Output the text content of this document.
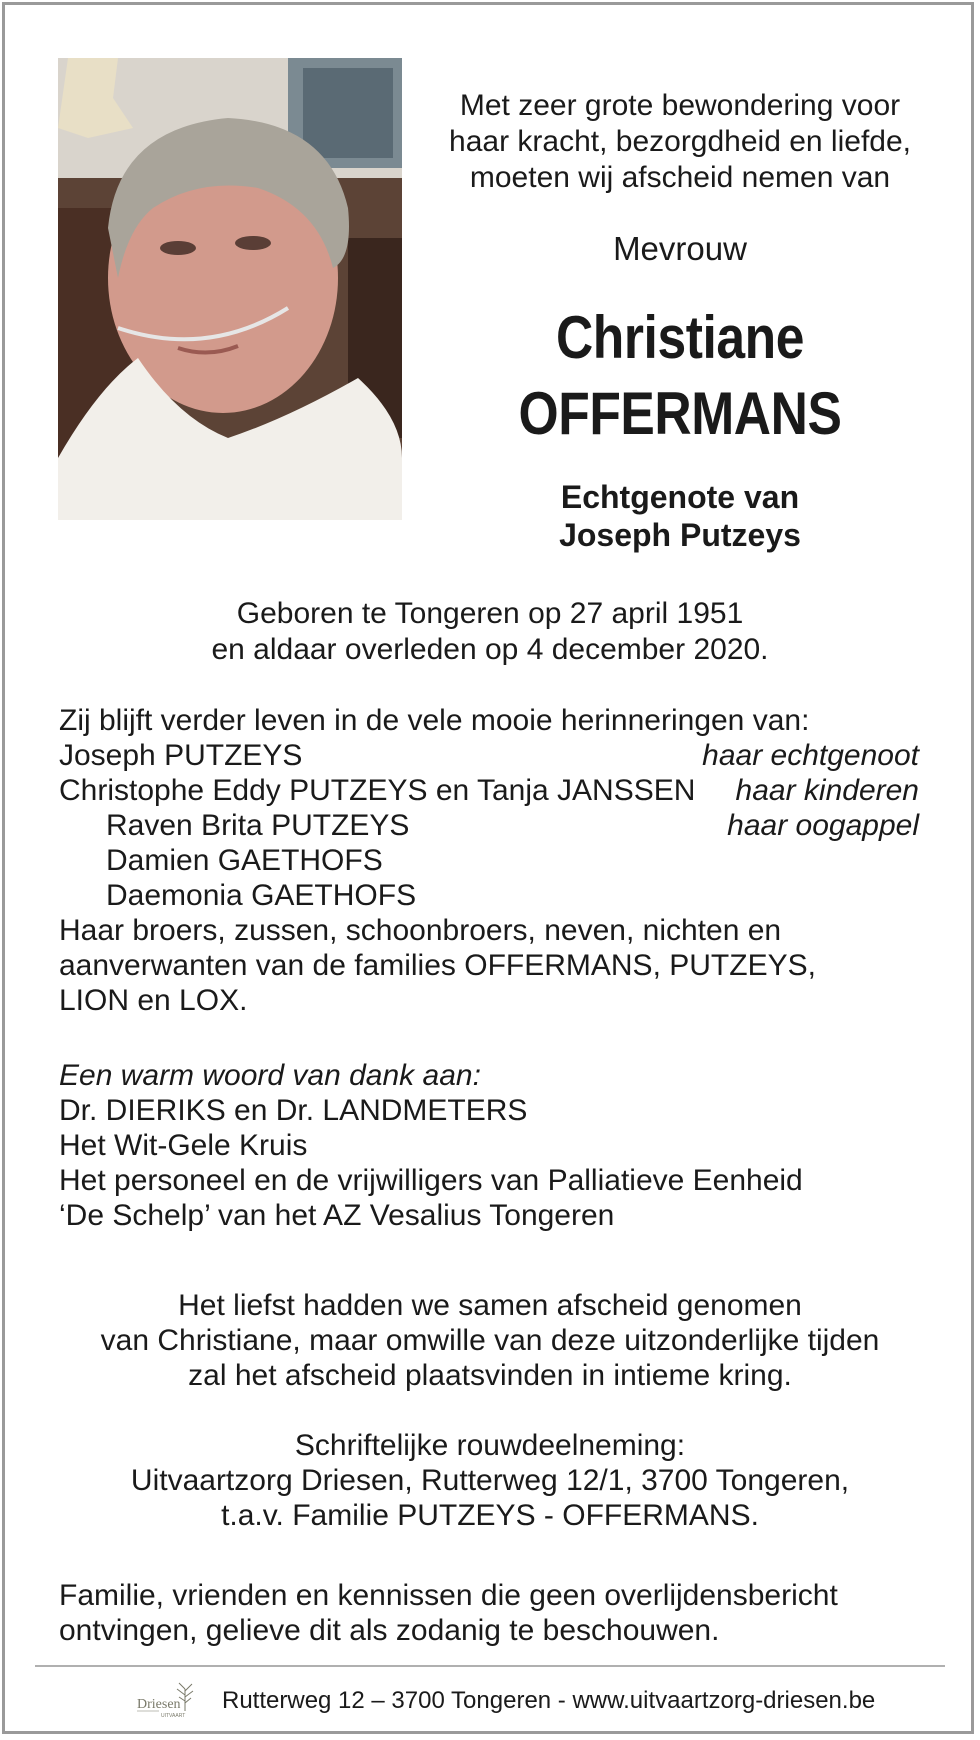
Met zeer grote bewondering voor
haar kracht, bezorgdheid en liefde,
moeten wij afscheid nemen van
Mevrouw
Christiane
OFFERMANS
Echtgenote van
Joseph Putzeys
Geboren te Tongeren op 27 april 1951
en aldaar overleden op 4 december 2020.
Zij blijft verder leven in de vele mooie herinneringen van:
Joseph PUTZEYS	haar echtgenoot
Christophe Eddy PUTZEYS en Tanja JANSSEN haar kinderen
Raven Brita PUTZEYS	haar oogappel
Damien GAETHOFS
Daemonia GAETHOFS
Haar broers, zussen, schoonbroers, neven, nichten en
aanverwanten van de families OFFERMANS, PUTZEYS,
LION en LOX.
Een warm woord van dank aan:
Dr. DIERIKS en Dr. LANDMETERS
Het Wit-Gele Kruis
Het personeel en de vrijwilligers van Palliatieve Eenheid
‘De Schelp’ van het AZ Vesalius Tongeren
Het liefst hadden we samen afscheid genomen
van Christiane, maar omwille van deze uitzonderlijke tijden
zal het afscheid plaatsvinden in intieme kring.
Schriftelijke rouwdeelneming:
Uitvaartzorg Driesen, Rutterweg 12/1, 3700 Tongeren,
t.a.v. Familie PUTZEYS - OFFERMANS.
Familie, vrienden en kennissen die geen overlijdensbericht
ontvingen, gelieve dit als zodanig te beschouwen.
Driesen
UITVAART
Rutterweg 12 – 3700 Tongeren - www.uitvaartzorg-driesen.be
